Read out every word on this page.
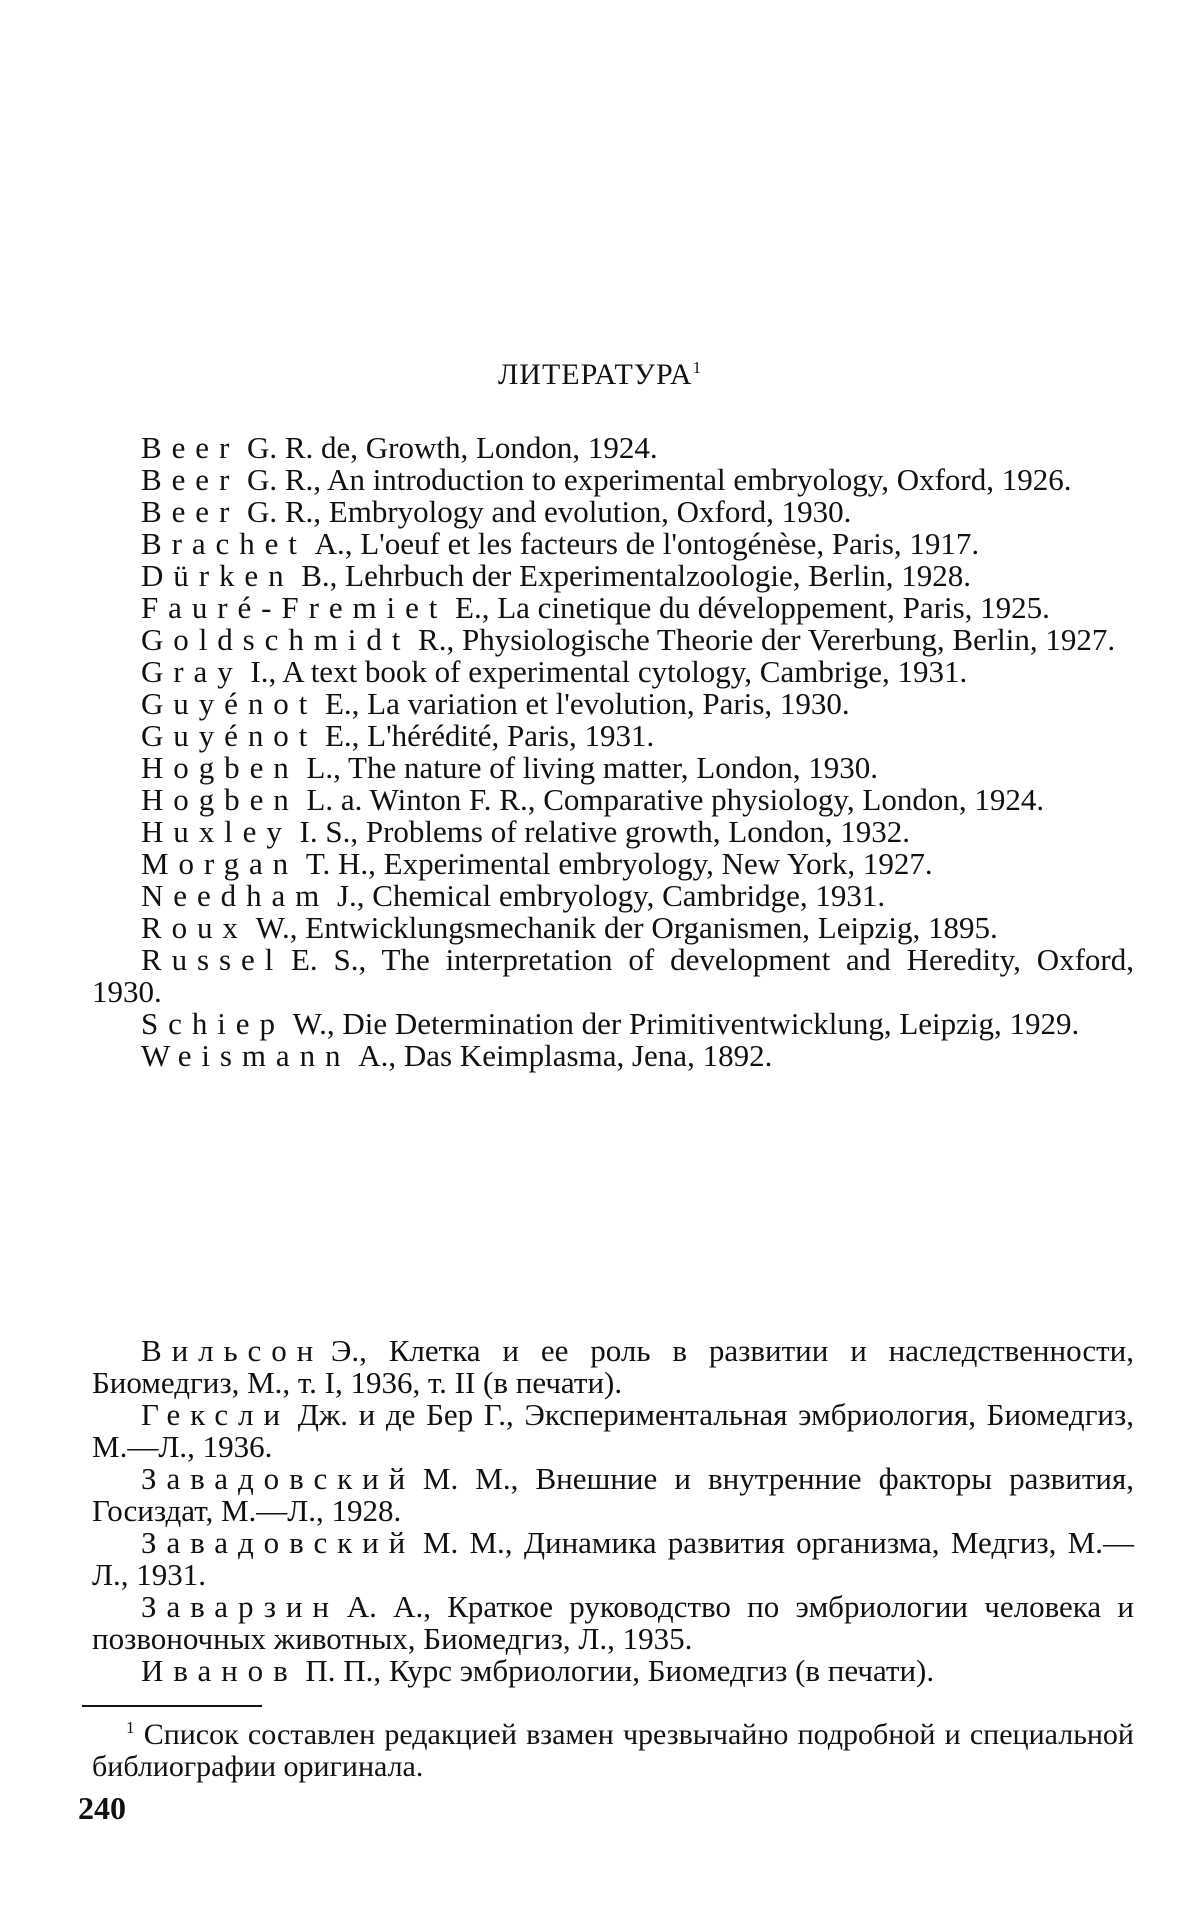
ЛИТЕРАТУРА$^1$

Beer G. R. de, Growth, London, 1924.

Beer G. R., An introduction to experimental embryology, Oxford, 1926.

Beer G. R., Embryology and evolution, Oxford, 1930.

Brachet A., L'oeuf et les facteurs de l'ontogénèse, Paris, 1917.

Dürken B., Lehrbuch der Experimentalzoologie, Berlin, 1928.

Fauré-Fremiet E., La cinetique du développement, Paris, 1925.

Goldschmidt R., Physiologische Theorie der Vererbung, Berlin, 1927.

Gray I., A text book of experimental cytology, Cambrige, 1931.

Guyénot E., La variation et l'evolution, Paris, 1930.

Guyénot E., L'hérédité, Paris, 1931.

Hogben L., The nature of living matter, London, 1930.

Hogben L. a. Winton F. R., Comparative physiology, London, 1924.

Huxley I. S., Problems of relative growth, London, 1932.

Morgan T. H., Experimental embryology, New York, 1927.

Needham J., Chemical embryology, Cambridge, 1931.

Roux W., Entwicklungsmechanik der Organismen, Leipzig, 1895.

Russel E. S., The interpretation of development and Heredity, Oxford, 1930.

Schiep W., Die Determination der Primitiventwicklung, Leipzig, 1929.

Weismann A., Das Keimplasma, Jena, 1892.

Вильсон Э., Клетка и ее роль в развитии и наследственности, Биомедгиз, М., т. I, 1936, т. II (в печати).

Гексли Дж. и де Бер Г., Экспериментальная эмбриология, Биомедгиз, М.—Л., 1936.

Завадовский М. М., Внешние и внутренние факторы развития, Госиздат, М.—Л., 1928.

Завадовский М. М., Динамика развития организма, Медгиз, М.—Л., 1931.

Заварзин А. А., Краткое руководство по эмбриологии человека и позвоночных животных, Биомедгиз, Л., 1935.

Иванов П. П., Курс эмбриологии, Биомедгиз (в печати).

$^1$ Список составлен редакцией взамен чрезвычайно подробной и специальной библиографии оригинала.

240
